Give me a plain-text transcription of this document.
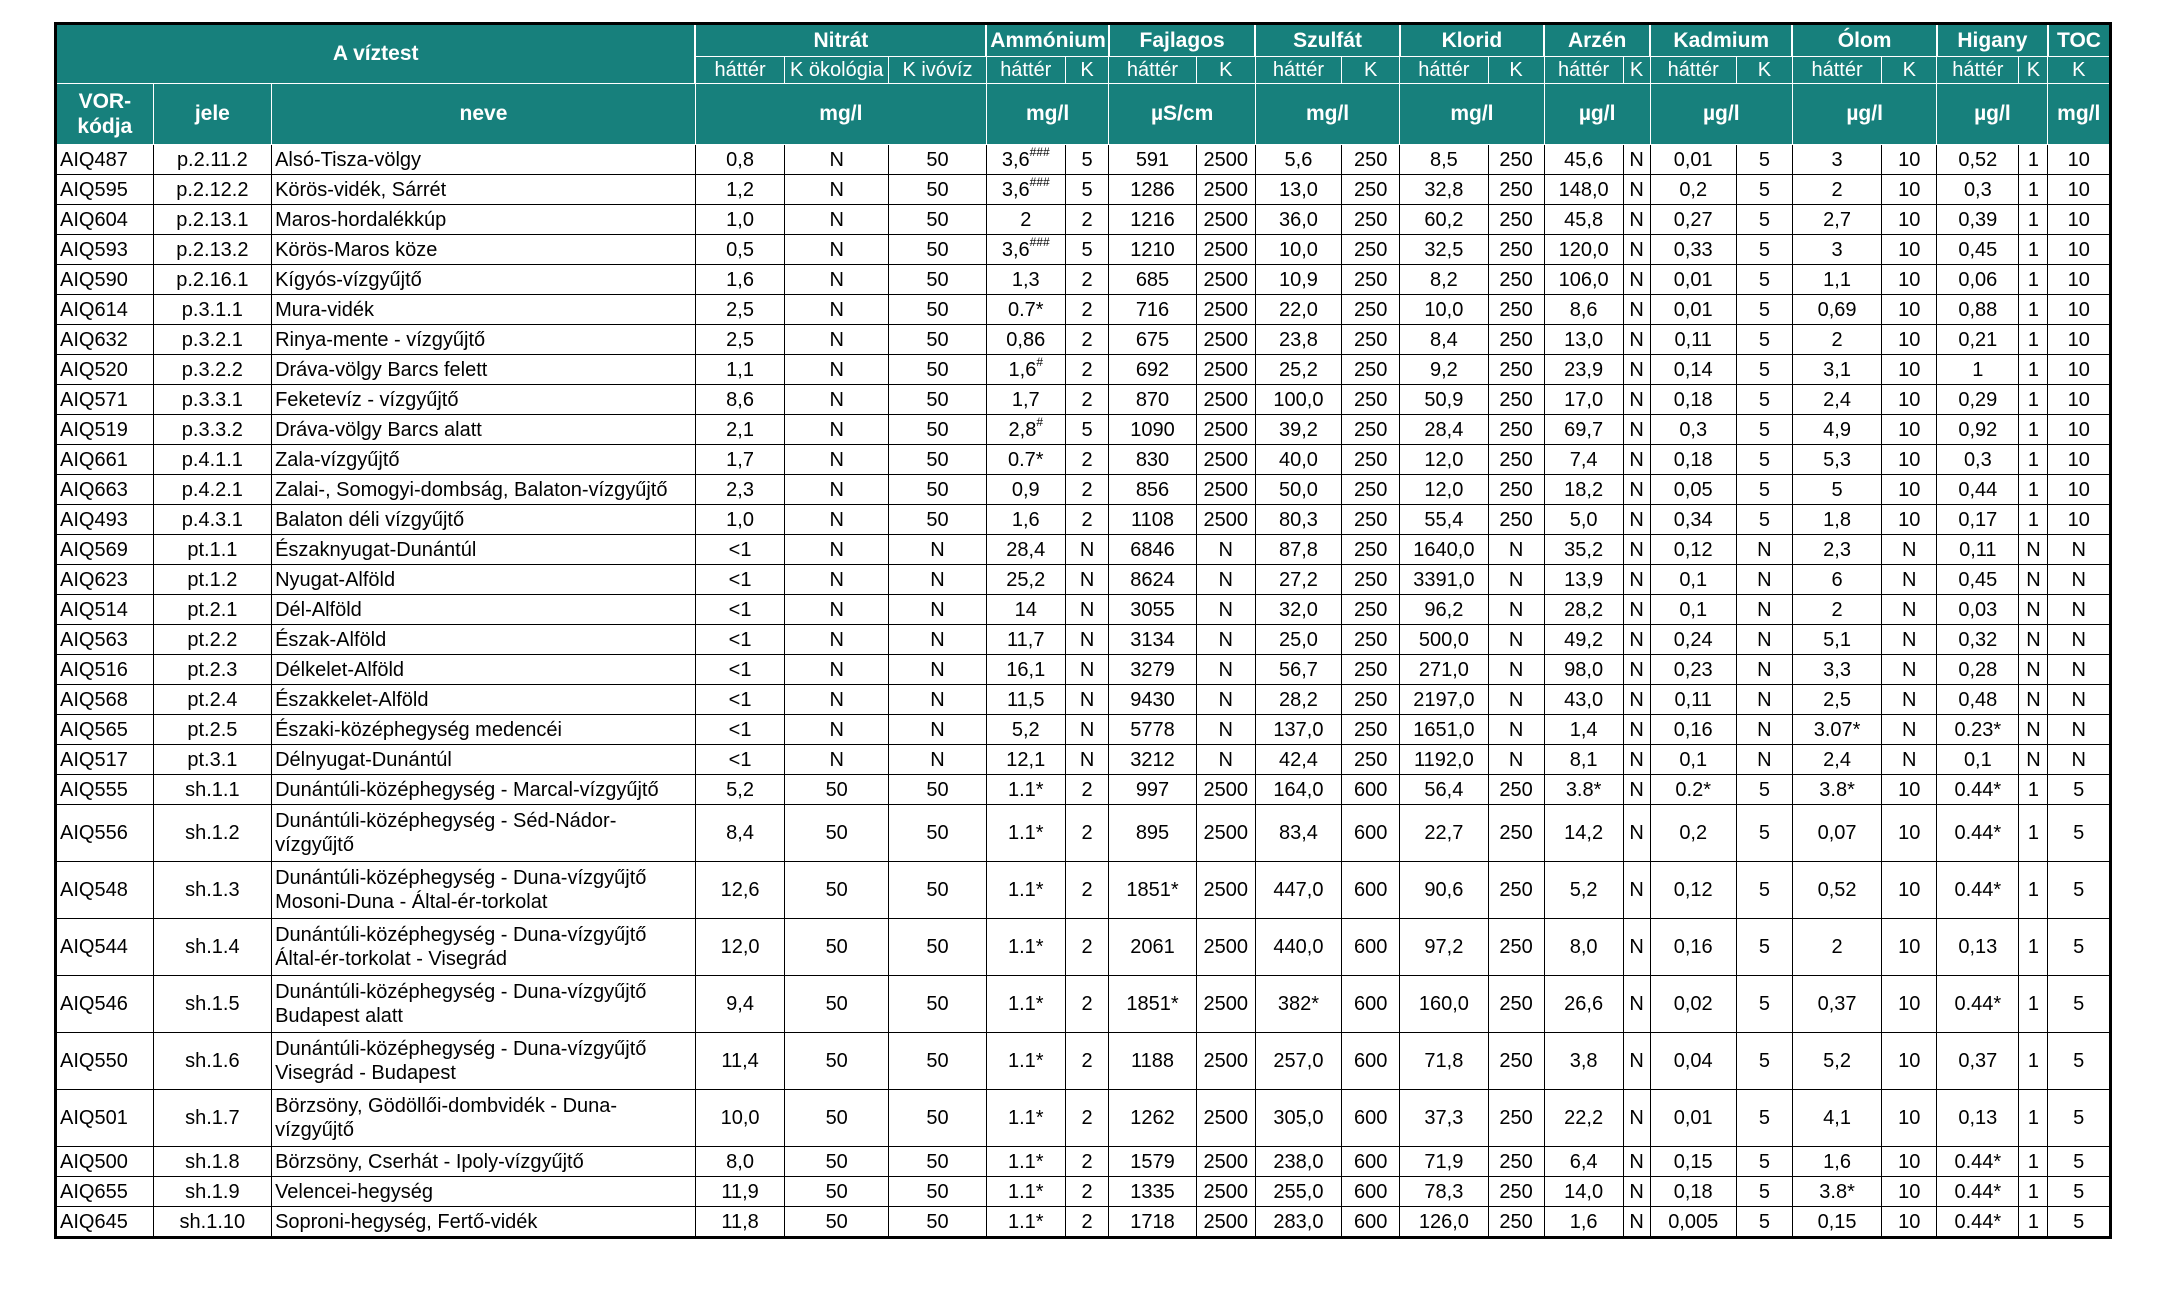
A víztest			Nitrát			Ammónium		Fajlagos		Szulfát		Klorid		Arzén		Kadmium		Ólom		Higany		TOC
			háttér	K ökológia	K ivóvíz	háttér	K	háttér	K	háttér	K	háttér	K	háttér	K	háttér	K	háttér	K	háttér	K	K
VOR-kódja	jele	neve	mg/l			mg/l		µS/cm		mg/l		mg/l		µg/l		µg/l		µg/l		µg/l		mg/l
AIQ487	p.2.11.2	Alsó-Tisza-völgy	0,8	N	50	3,6###	5	591	2500	5,6	250	8,5	250	45,6	N	0,01	5	3	10	0,52	1	10
AIQ595	p.2.12.2	Körös-vidék, Sárrét	1,2	N	50	3,6###	5	1286	2500	13,0	250	32,8	250	148,0	N	0,2	5	2	10	0,3	1	10
AIQ604	p.2.13.1	Maros-hordalékkúp	1,0	N	50	2	2	1216	2500	36,0	250	60,2	250	45,8	N	0,27	5	2,7	10	0,39	1	10
AIQ593	p.2.13.2	Körös-Maros köze	0,5	N	50	3,6###	5	1210	2500	10,0	250	32,5	250	120,0	N	0,33	5	3	10	0,45	1	10
AIQ590	p.2.16.1	Kígyós-vízgyűjtő	1,6	N	50	1,3	2	685	2500	10,9	250	8,2	250	106,0	N	0,01	5	1,1	10	0,06	1	10
AIQ614	p.3.1.1	Mura-vidék	2,5	N	50	0.7*	2	716	2500	22,0	250	10,0	250	8,6	N	0,01	5	0,69	10	0,88	1	10
AIQ632	p.3.2.1	Rinya-mente - vízgyűjtő	2,5	N	50	0,86	2	675	2500	23,8	250	8,4	250	13,0	N	0,11	5	2	10	0,21	1	10
AIQ520	p.3.2.2	Dráva-völgy Barcs felett	1,1	N	50	1,6#	2	692	2500	25,2	250	9,2	250	23,9	N	0,14	5	3,1	10	1	1	10
AIQ571	p.3.3.1	Feketevíz - vízgyűjtő	8,6	N	50	1,7	2	870	2500	100,0	250	50,9	250	17,0	N	0,18	5	2,4	10	0,29	1	10
AIQ519	p.3.3.2	Dráva-völgy Barcs alatt	2,1	N	50	2,8#	5	1090	2500	39,2	250	28,4	250	69,7	N	0,3	5	4,9	10	0,92	1	10
AIQ661	p.4.1.1	Zala-vízgyűjtő	1,7	N	50	0.7*	2	830	2500	40,0	250	12,0	250	7,4	N	0,18	5	5,3	10	0,3	1	10
AIQ663	p.4.2.1	Zalai-, Somogyi-dombság, Balaton-vízgyűjtő	2,3	N	50	0,9	2	856	2500	50,0	250	12,0	250	18,2	N	0,05	5	5	10	0,44	1	10
AIQ493	p.4.3.1	Balaton déli vízgyűjtő	1,0	N	50	1,6	2	1108	2500	80,3	250	55,4	250	5,0	N	0,34	5	1,8	10	0,17	1	10
AIQ569	pt.1.1	Északnyugat-Dunántúl	<1	N	N	28,4	N	6846	N	87,8	250	1640,0	N	35,2	N	0,12	N	2,3	N	0,11	N	N
AIQ623	pt.1.2	Nyugat-Alföld	<1	N	N	25,2	N	8624	N	27,2	250	3391,0	N	13,9	N	0,1	N	6	N	0,45	N	N
AIQ514	pt.2.1	Dél-Alföld	<1	N	N	14	N	3055	N	32,0	250	96,2	N	28,2	N	0,1	N	2	N	0,03	N	N
AIQ563	pt.2.2	Észak-Alföld	<1	N	N	11,7	N	3134	N	25,0	250	500,0	N	49,2	N	0,24	N	5,1	N	0,32	N	N
AIQ516	pt.2.3	Délkelet-Alföld	<1	N	N	16,1	N	3279	N	56,7	250	271,0	N	98,0	N	0,23	N	3,3	N	0,28	N	N
AIQ568	pt.2.4	Északkelet-Alföld	<1	N	N	11,5	N	9430	N	28,2	250	2197,0	N	43,0	N	0,11	N	2,5	N	0,48	N	N
AIQ565	pt.2.5	Északi-középhegység medencéi	<1	N	N	5,2	N	5778	N	137,0	250	1651,0	N	1,4	N	0,16	N	3.07*	N	0.23*	N	N
AIQ517	pt.3.1	Délnyugat-Dunántúl	<1	N	N	12,1	N	3212	N	42,4	250	1192,0	N	8,1	N	0,1	N	2,4	N	0,1	N	N
AIQ555	sh.1.1	Dunántúli-középhegység - Marcal-vízgyűjtő	5,2	50	50	1.1*	2	997	2500	164,0	600	56,4	250	3.8*	N	0.2*	5	3.8*	10	0.44*	1	5
AIQ556	sh.1.2	Dunántúli-középhegység - Séd-Nádor-vízgyűjtő	8,4	50	50	1.1*	2	895	2500	83,4	600	22,7	250	14,2	N	0,2	5	0,07	10	0.44*	1	5
AIQ548	sh.1.3	Dunántúli-középhegység - Duna-vízgyűjtő Mosoni-Duna - Által-ér-torkolat	12,6	50	50	1.1*	2	1851*	2500	447,0	600	90,6	250	5,2	N	0,12	5	0,52	10	0.44*	1	5
AIQ544	sh.1.4	Dunántúli-középhegység - Duna-vízgyűjtő Által-ér-torkolat - Visegrád	12,0	50	50	1.1*	2	2061	2500	440,0	600	97,2	250	8,0	N	0,16	5	2	10	0,13	1	5
AIQ546	sh.1.5	Dunántúli-középhegység - Duna-vízgyűjtő Budapest alatt	9,4	50	50	1.1*	2	1851*	2500	382*	600	160,0	250	26,6	N	0,02	5	0,37	10	0.44*	1	5
AIQ550	sh.1.6	Dunántúli-középhegység - Duna-vízgyűjtő Visegrád - Budapest	11,4	50	50	1.1*	2	1188	2500	257,0	600	71,8	250	3,8	N	0,04	5	5,2	10	0,37	1	5
AIQ501	sh.1.7	Börzsöny, Gödöllői-dombvidék - Duna-vízgyűjtő	10,0	50	50	1.1*	2	1262	2500	305,0	600	37,3	250	22,2	N	0,01	5	4,1	10	0,13	1	5
AIQ500	sh.1.8	Börzsöny, Cserhát - Ipoly-vízgyűjtő	8,0	50	50	1.1*	2	1579	2500	238,0	600	71,9	250	6,4	N	0,15	5	1,6	10	0.44*	1	5
AIQ655	sh.1.9	Velencei-hegység	11,9	50	50	1.1*	2	1335	2500	255,0	600	78,3	250	14,0	N	0,18	5	3.8*	10	0.44*	1	5
AIQ645	sh.1.10	Soproni-hegység, Fertő-vidék	11,8	50	50	1.1*	2	1718	2500	283,0	600	126,0	250	1,6	N	0,005	5	0,15	10	0.44*	1	5
